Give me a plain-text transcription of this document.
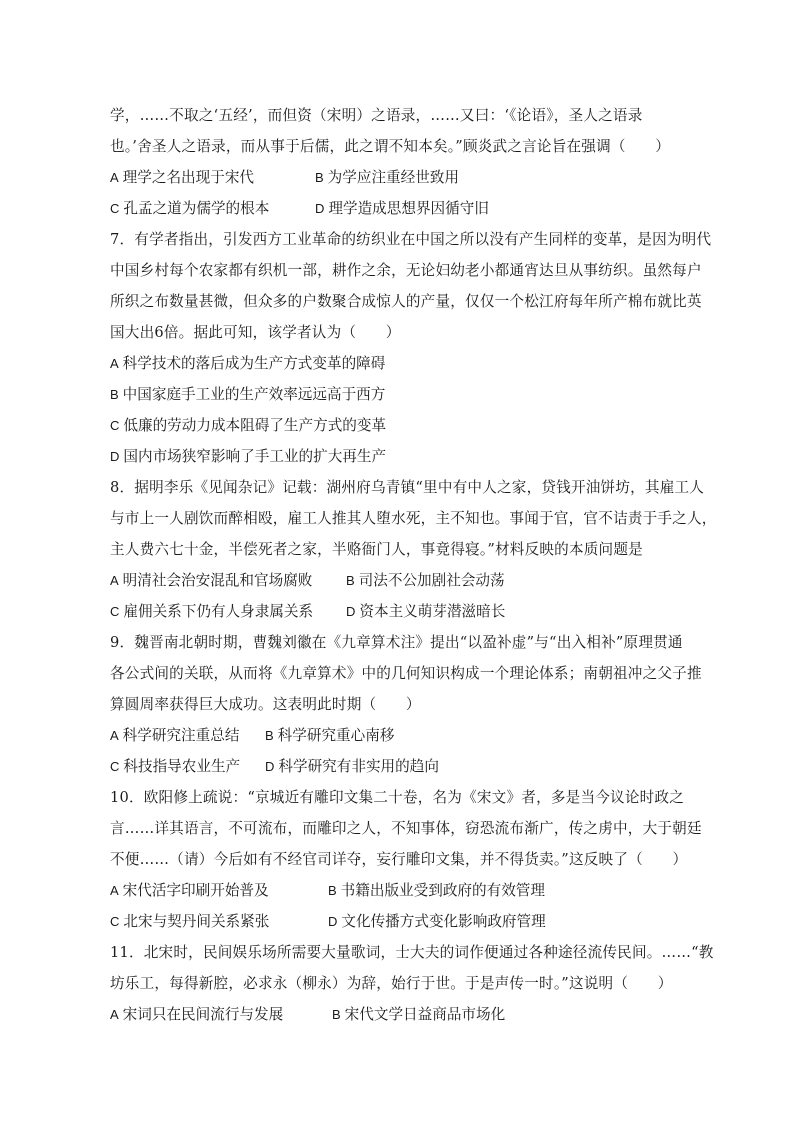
学，……不取之‘五经’，而但资（宋明）之语录，……又曰：‘《论语》，圣人之语录
也。’舍圣人之语录，而从事于后儒，此之谓不知本矣。”顾炎武之言论旨在强调（　　）
A 理学之名出现于宋代	B 为学应注重经世致用
C 孔孟之道为儒学的根本	D 理学造成思想界因循守旧
7．有学者指出，引发西方工业革命的纺织业在中国之所以没有产生同样的变革，是因为明代
中国乡村每个农家都有织机一部，耕作之余，无论妇幼老小都通宵达旦从事纺织。虽然每户
所织之布数量甚微，但众多的户数聚合成惊人的产量，仅仅一个松江府每年所产棉布就比英
国大出6倍。据此可知，该学者认为（　　）
A 科学技术的落后成为生产方式变革的障碍
B 中国家庭手工业的生产效率远远高于西方
C 低廉的劳动力成本阻碍了生产方式的变革
D 国内市场狭窄影响了手工业的扩大再生产
8．据明李乐《见闻杂记》记载：湖州府乌青镇“里中有中人之家，贷钱开油饼坊，其雇工人
与市上一人剧饮而醉相殴，雇工人推其人堕水死，主不知也。事闻于官，官不诘责于手之人，
主人费六七十金，半偿死者之家，半赂衙门人，事竟得寝。”材料反映的本质问题是
A 明清社会治安混乱和官场腐败	B 司法不公加剧社会动荡
C 雇佣关系下仍有人身隶属关系	D 资本主义萌芽潜滋暗长
9．魏晋南北朝时期，曹魏刘徽在《九章算术注》提出“以盈补虚”与“出入相补”原理贯通
各公式间的关联，从而将《九章算术》中的几何知识构成一个理论体系；南朝祖冲之父子推
算圆周率获得巨大成功。这表明此时期（　　）
A 科学研究注重总结 B 科学研究重心南移
C 科技指导农业生产 D 科学研究有非实用的趋向
10．欧阳修上疏说：“京城近有雕印文集二十卷，名为《宋文》者，多是当今议论时政之
言……详其语言，不可流布，而雕印之人，不知事体，窃恐流布渐广，传之虏中，大于朝廷
不便……（请）今后如有不经官司详夺，妄行雕印文集，并不得货卖。”这反映了（　　）
A 宋代活字印刷开始普及	B 书籍出版业受到政府的有效管理
C 北宋与契丹间关系紧张	D 文化传播方式变化影响政府管理
11．北宋时，民间娱乐场所需要大量歌词，士大夫的词作便通过各种途径流传民间。……“教
坊乐工，每得新腔，必求永（柳永）为辞，始行于世。于是声传一时。”这说明（　　）
A 宋词只在民间流行与发展	B 宋代文学日益商品市场化
